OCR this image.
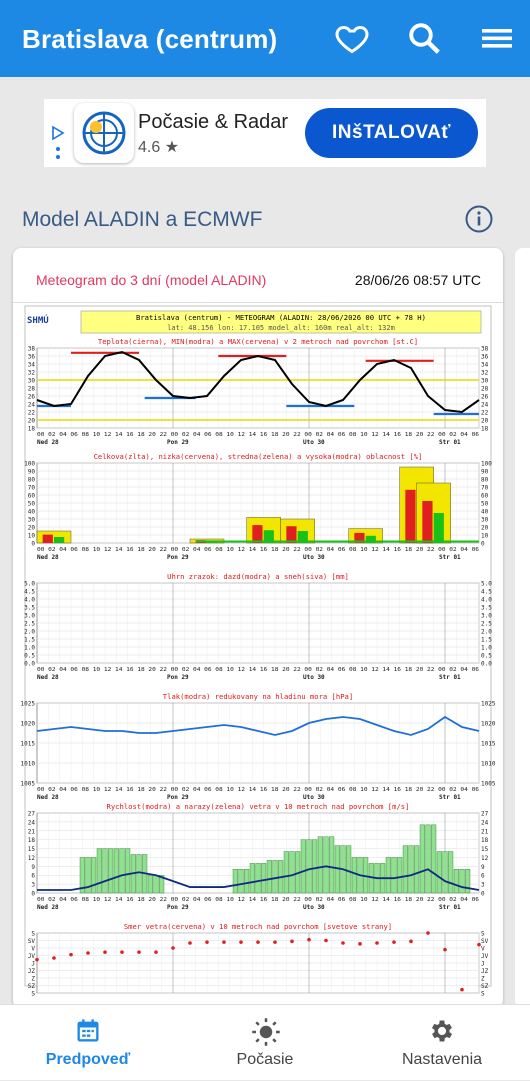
Bratislava (centrum)
Počasie & Radar
4.6 ★
INšTALOVAť
Model ALADIN a ECMWF
Meteogram do 3 dní (model ALADIN)	28/06/26 08:57 UTC
SHMÚ	Bratislava (centrum) - METEOGRAM (ALADIN: 28/06/2026 00 UTC + 78 H)
lat: 48.156 lon: 17.105 model_alt: 160m real_alt: 132m
Teplota(cierna), MIN(modra) a MAX(cervena) v 2 metroch nad povrchom [st.C]
38	38
36	36
34	34
32	32
30	30
28	28
26	26
24	24
22	22
20	20
18	18
00 02 04 06 08 10 12 14 16 18 20 22 00 02 04 06 08 10 12 14 16 18 20 22 00 02 04 06 08 10 12 14 16 18 20 22 00 02 04 06
Ned 28	Pon 29	Uto 30	Str 01
Celkova(zlta), nizka(cervena), stredna(zelena) a vysoka(modra) oblacnost [%]
100	100
90	90
80	80
70	70
60	60
50	50
40	40
30	30
20	20
10	10
0	0
00 02 04 06 08 10 12 14 16 18 20 22 00 02 04 06 08 10 12 14 16 18 20 22 00 02 04 06 08 10 12 14 16 18 20 22 00 02 04 06
Ned 28	Pon 29	Uto 30	Str 01
Uhrn zrazok: dazd(modra) a sneh(siva) [mm]
5.0	5.0
4.5	4.5
4.0	4.0
3.5	3.5
3.0	3.0
2.5	2.5
2.0	2.0
1.5	1.5
1.0	1.0
0.5	0.5
0.0	0.0
00 02 04 06 08 10 12 14 16 18 20 22 00 02 04 06 08 10 12 14 16 18 20 22 00 02 04 06 08 10 12 14 16 18 20 22 00 02 04 06
Ned 28	Pon 29	Uto 30	Str 01
Tlak(modra) redukovany na hladinu mora [hPa]
1025	1025
1020	1020
1015	1015
1010	1010
1005	1005
00 02 04 06 08 10 12 14 16 18 20 22 00 02 04 06 08 10 12 14 16 18 20 22 00 02 04 06 08 10 12 14 16 18 20 22 00 02 04 06
Ned 28	Pon 29	Uto 30	Str 01
Rychlost(modra) a narazy(zelena) vetra v 10 metroch nad povrchom [m/s]
27	27
24	24
21	21
18	18
15	15
12	12
9	9
6	6
3	3
0	0
00 02 04 06 08 10 12 14 16 18 20 22 00 02 04 06 08 10 12 14 16 18 20 22 00 02 04 06 08 10 12 14 16 18 20 22 00 02 04 06
Ned 28	Pon 29	Uto 30	Str 01
Smer vetra(cervena) v 10 metroch nad povrchom [svetove strany]
S	S
SV	SV
V	V
JV	JV
J	J
JZ	JZ
Z	Z
SZ	SZ
S	S
Predpoveď	Počasie	Nastavenia
